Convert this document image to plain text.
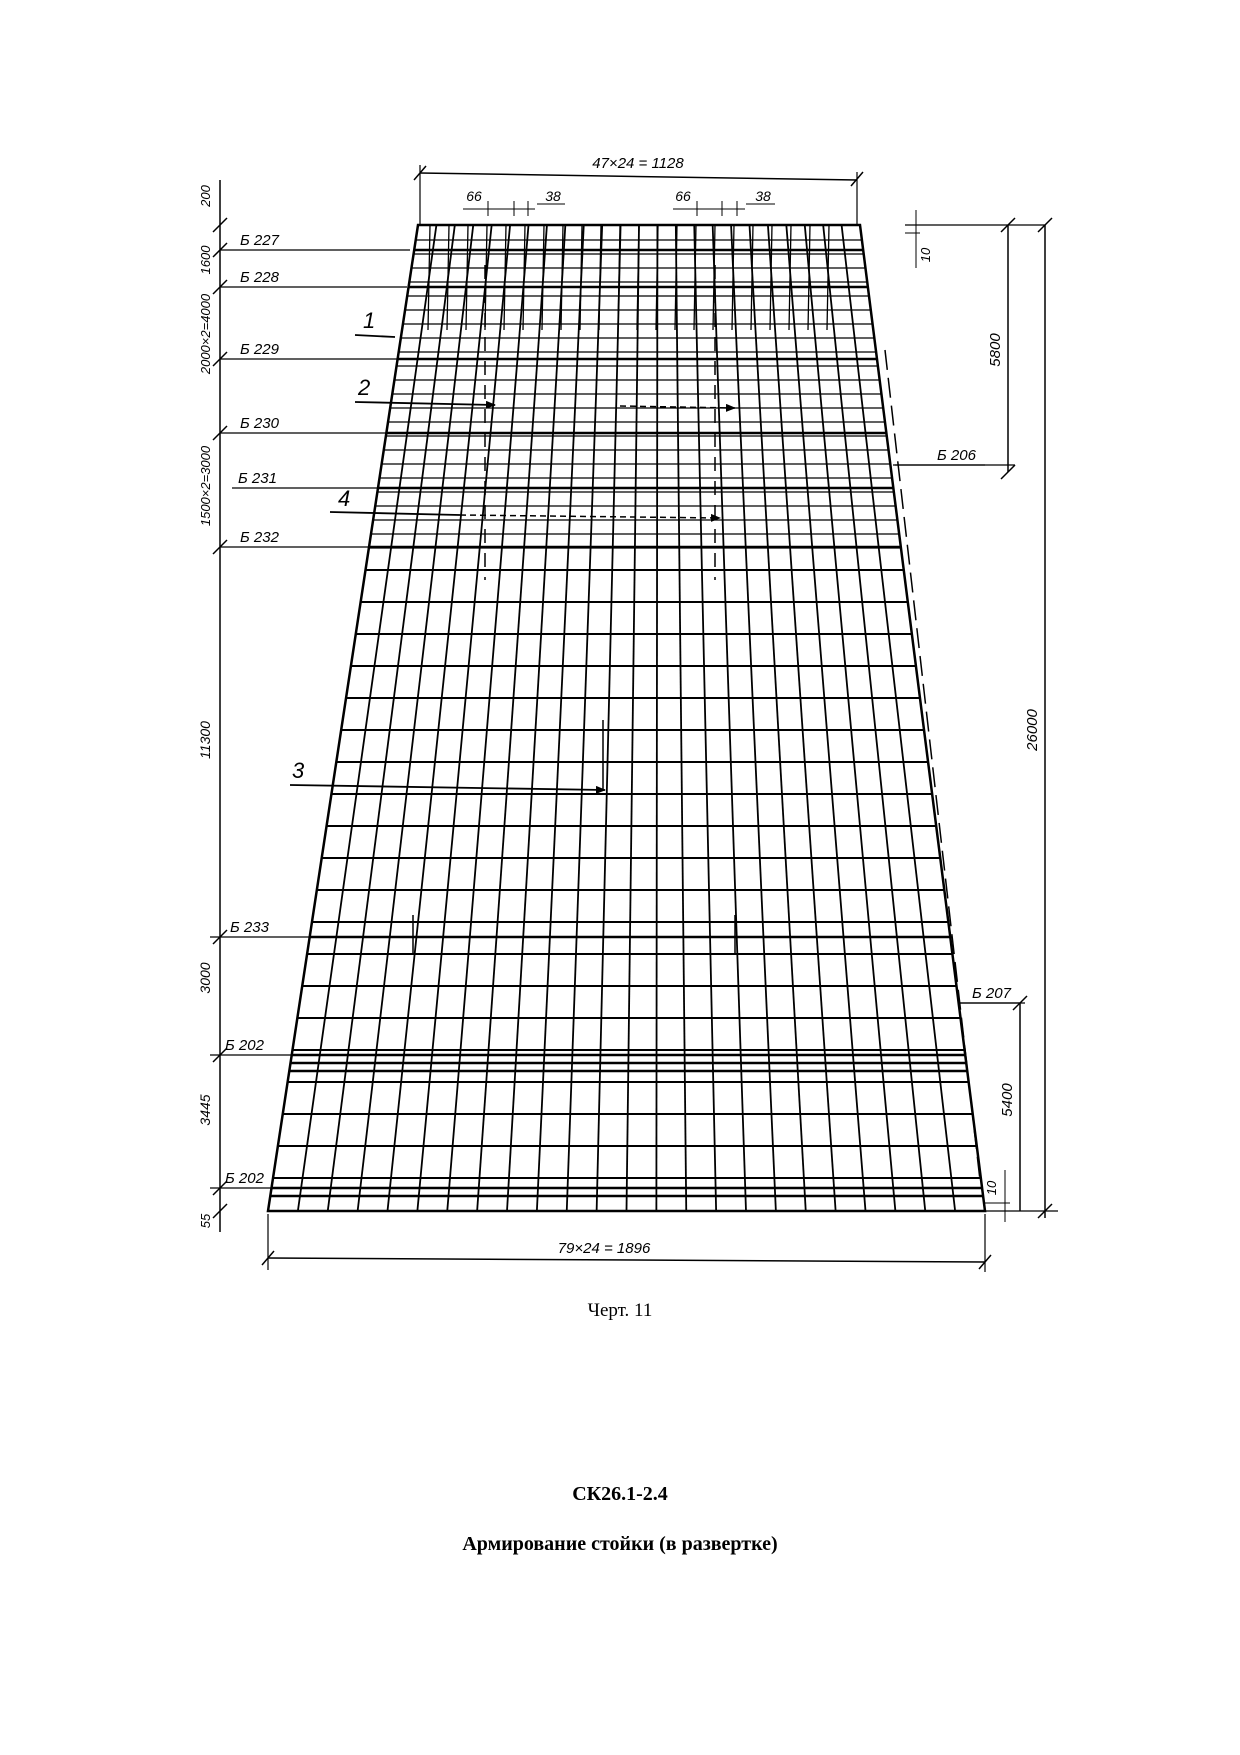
47×24 = 1128
66	38	66	38
79×24 = 1896
200
1600
2000×2=4000
1500×2=3000
11300
3000
3445
55
10
5800
26000
5400
10
Б 227
Б 228
Б 229
Б 230
Б 231
Б 232
Б 233
Б 202
Б 202
Б 206
Б 207
1
2
4
3
Черт. 11
СК26.1-2.4
Армирование стойки (в развертке)
